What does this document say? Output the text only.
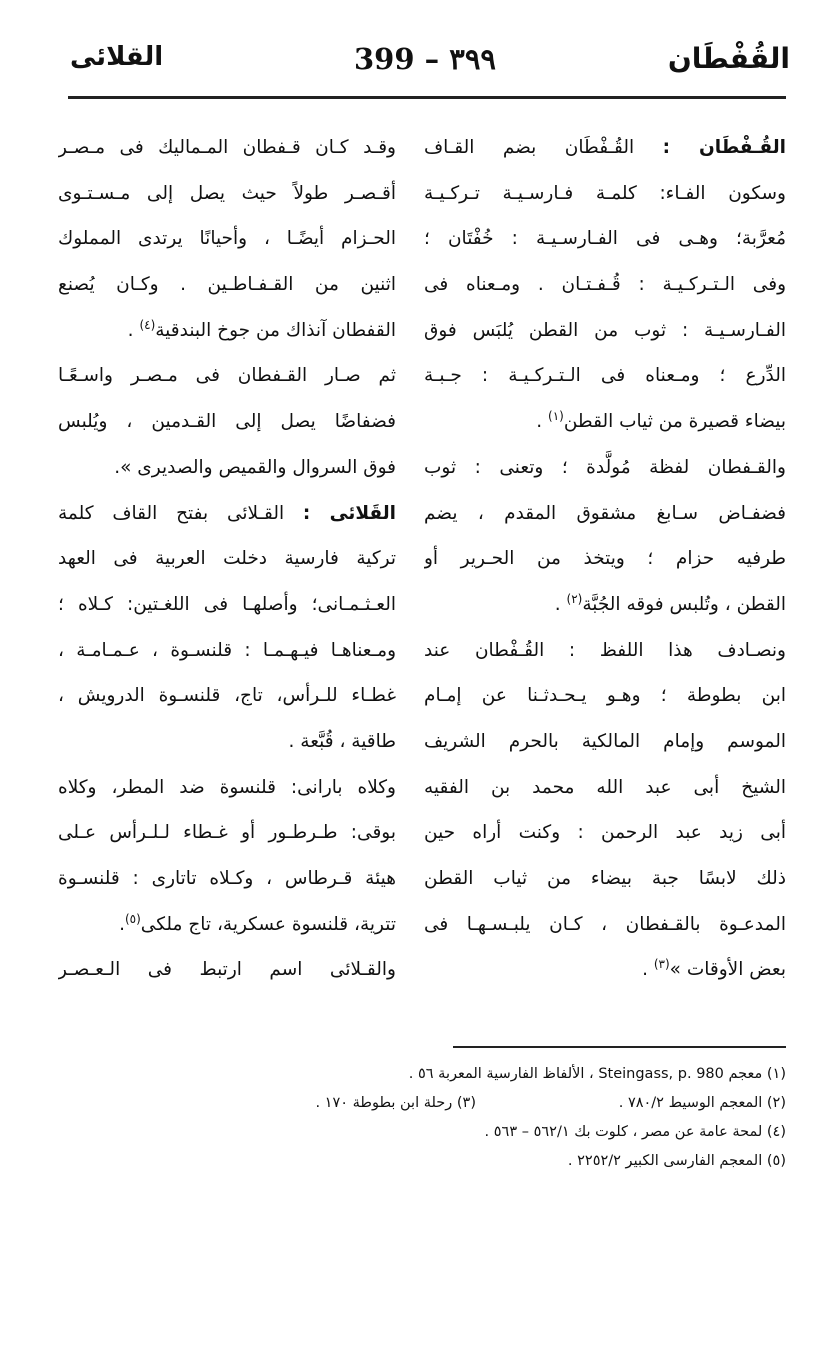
القُفْطَان
399 – ٣٩٩
القلائى
القُـفْطَان : القُـفْطَان بضم القـاف
وسكون الفـاء: كلمـة فـارسـيـة تـركـيـة
مُعرَّبة؛ وهـى فى الفـارسـيـة : خُفْتَان ؛
وفى الـتـركـيـة : قُـفـتـان . ومـعناه فى
الفـارسـيـة : ثوب من القطن يُلبَس فوق
الدِّرع ؛ ومـعناه فى الـتـركـيـة : جـبـة
بيضاء قصيرة من ثياب القطن$^{(١)}$ .
والقـفطان لفظة مُولَّدة ؛ وتعنى : ثوب
فضفـاض سـابغ مشقوق المقدم ، يضم
طرفيه حزام ؛ ويتخذ من الحـرير أو
القطن ، وتُلبس فوقه الجُبَّة$^{(٢)}$ .
ونصـادف هذا اللفظ : القُـفْطان عند
ابن بطوطة ؛ وهـو يـحـدثـنا عن إمـام
الموسم وإمام المالكية بالحرم الشريف
الشيخ أبى عبد الله محمد بن الفقيه
أبى زيد عبد الرحمن : وكنت أراه حين
ذلك لابسًا جبة بيضاء من ثياب القطن
المدعـوة بالقـفطان ، كـان يلبـسـهـا فى
بعض الأوقات »$^{(٣)}$ .
وقـد كـان قـفطان المـماليك فى مـصـر
أقـصـر طولاً حيث يصل إلى مـسـتـوى
الحـزام أيضًـا ، وأحيانًا يرتدى المملوك
اثنين من القـفـاطـين . وكـان يُصنع
القفطان آنذاك من جوخ البندقية$^{(٤)}$ .
ثم صـار القـفطان فى مـصـر واسـعًـا
فضفاضًا يصل إلى القـدمين ، ويُلبس
فوق السروال والقميص والصديرى ».
القَلائى : القـلائى بفتح القاف كلمة
تركية فارسية دخلت العربية فى العهد
العـثـمـانى؛ وأصلهـا فى اللغـتين: كـلاه ؛
ومـعناهـا فيـهـمـا : قلنسـوة ، عـمـامـة ،
غطـاء للـرأس، تاج، قلنسـوة الدرويش ،
طاقية ، قُبَّعة .
وكلاه بارانى: قلنسوة ضد المطر، وكلاه
بوقى: طـرطـور أو غـطاء لـلـرأس عـلى
هيئة قـرطاس ، وكـلاه تاتارى : قلنسـوة
تترية، قلنسوة عسكرية، تاج ملكى$^{(٥)}$.
والقـلائى اسم ارتبط فى الـعـصـر
(١) معجم Steingass, p. 980 ، الألفاظ الفارسية المعربة ٥٦ .
(٢) المعجم الوسيط ٧٨٠/٢ .
(٣) رحلة ابن بطوطة ١٧٠ .
(٤) لمحة عامة عن مصر ، كلوت بك ٥٦٢/١ – ٥٦٣ .
(٥) المعجم الفارسى الكبير ٢٢٥٢/٢ .
